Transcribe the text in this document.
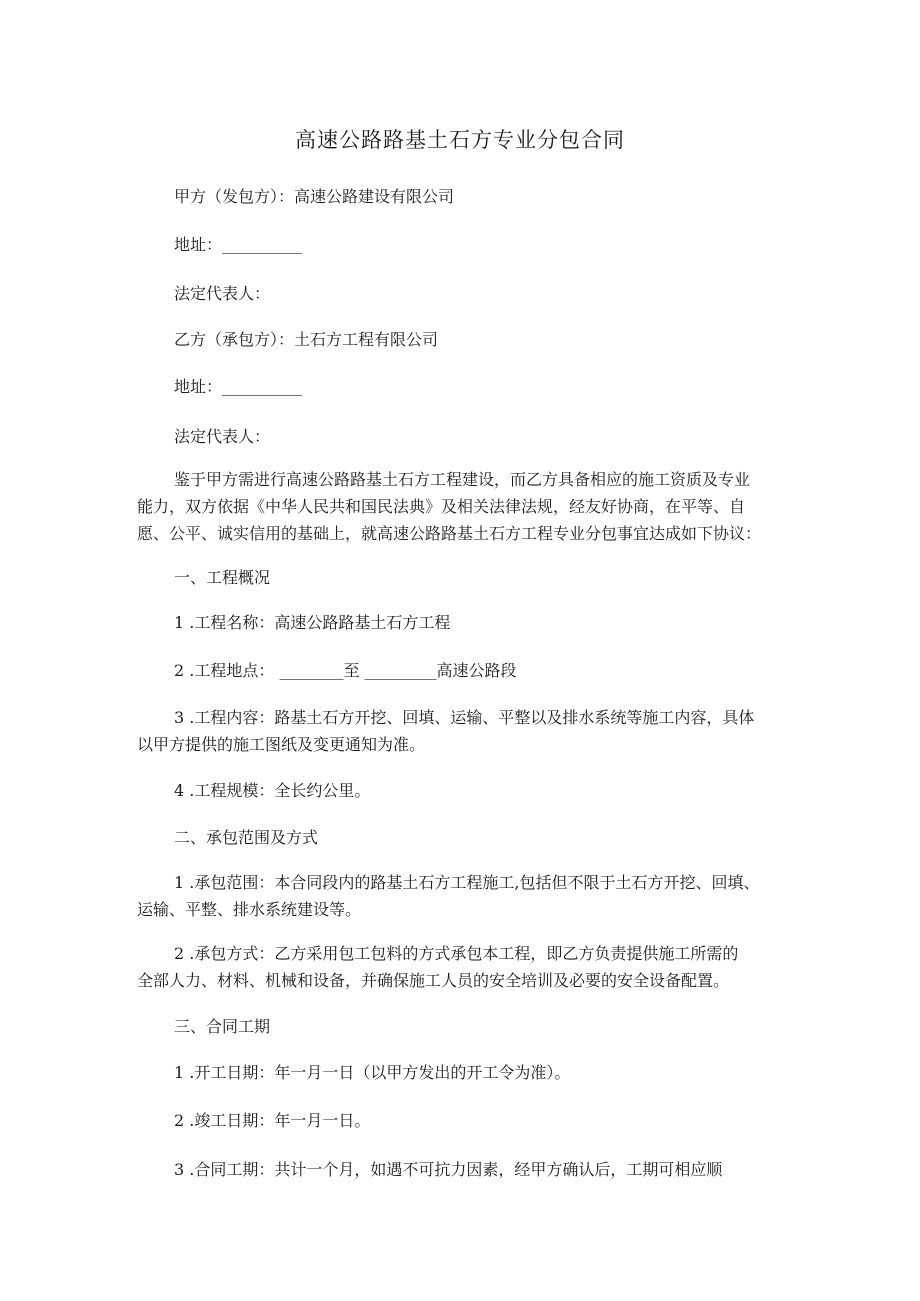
高速公路路基土石方专业分包合同
甲方（发包方）：高速公路建设有限公司
地址：__________
法定代表人：
乙方（承包方）：土石方工程有限公司
地址：__________
法定代表人：
鉴于甲方需进行高速公路路基土石方工程建设，而乙方具备相应的施工资质及专业
能力，双方依据《中华人民共和国民法典》及相关法律法规，经友好协商，在平等、自
愿、公平、诚实信用的基础上，就高速公路路基土石方工程专业分包事宜达成如下协议：
一、工程概况
1 .工程名称：高速公路路基土石方工程
2 .工程地点： ________至 _________高速公路段
3 .工程内容：路基土石方开挖、回填、运输、平整以及排水系统等施工内容，具体
以甲方提供的施工图纸及变更通知为准。
4 .工程规模：全长约公里。
二、承包范围及方式
1 .承包范围：本合同段内的路基土石方工程施工,包括但不限于土石方开挖、回填、
运输、平整、排水系统建设等。
2 .承包方式：乙方采用包工包料的方式承包本工程，即乙方负责提供施工所需的
全部人力、材料、机械和设备，并确保施工人员的安全培训及必要的安全设备配置。
三、合同工期
1 .开工日期：年一月一日（以甲方发出的开工令为准）。
2 .竣工日期：年一月一日。
3 .合同工期：共计一个月，如遇不可抗力因素，经甲方确认后，工期可相应顺
